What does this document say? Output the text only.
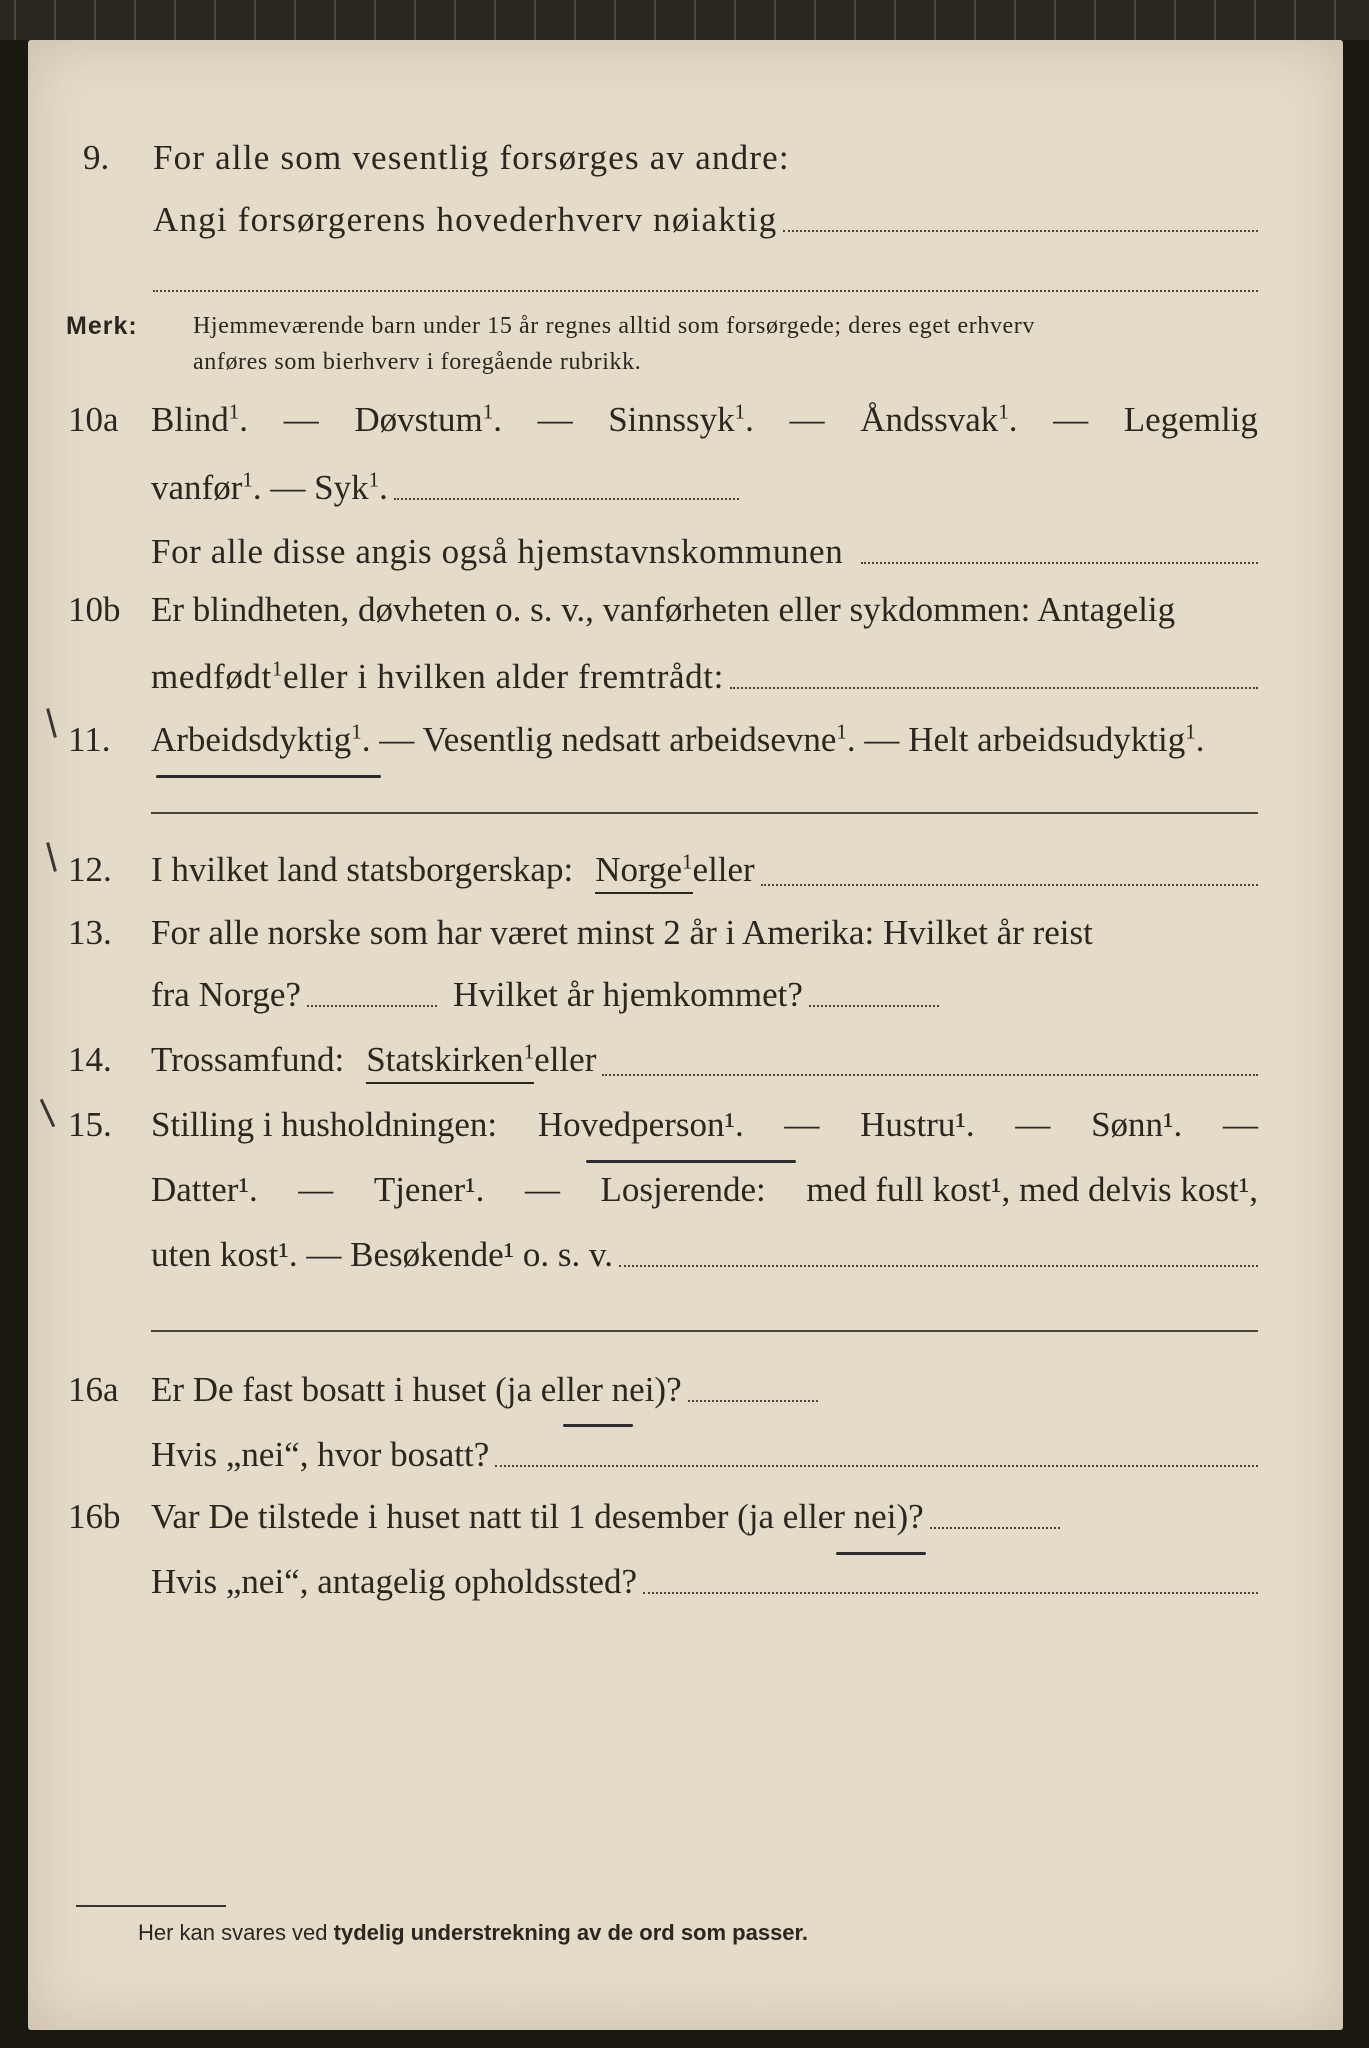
9.	For alle som vesentlig forsørges av andre:
Angi forsørgerens hovederhverv nøiaktig
Merk: Hjemmeværende barn under 15 år regnes alltid som forsørgede; deres eget erhverv
anføres som bierhverv i foregående rubrikk.
10a Blind$^1$. — Døvstum$^1$. — Sinnssyk$^1$. — Åndssvak$^1$. — Legemlig
vanfør$^1$ . — Syk$^1$.
For alle disse angis også hjemstavnskommunen
10b Er blindheten, døvheten o. s. v., vanførheten eller sykdommen: Antagelig
medfødt$^1$ eller i hvilken alder fremtrådt:
11.	Arbeidsdyktig$^1$ . — Vesentlig nedsatt arbeidsevne$^1$ . — Helt arbeidsudyktig$^1$.
12.	I hvilket land statsborgerskap: Norge$^1$ eller
13.	For alle norske som har været minst 2 år i Amerika: Hvilket år reist
fra Norge?	Hvilket år hjemkommet?
14.	Trossamfund: Statskirken$^1$ eller
15.	Stilling i husholdningen: Hovedperson¹. — Hustru¹. — Sønn¹. —
Datter¹. — Tjener¹. — Losjerende: med full kost¹, med delvis kost¹,
uten kost¹. — Besøkende¹ o. s. v.
16a Er De fast bosatt i huset (ja eller nei)?
Hvis „nei“, hvor bosatt?
16b Var De tilstede i huset natt til 1 desember (ja eller nei)?
Hvis „nei“, antagelig opholdssted?
Her kan svares ved tydelig understrekning av de ord som passer.
